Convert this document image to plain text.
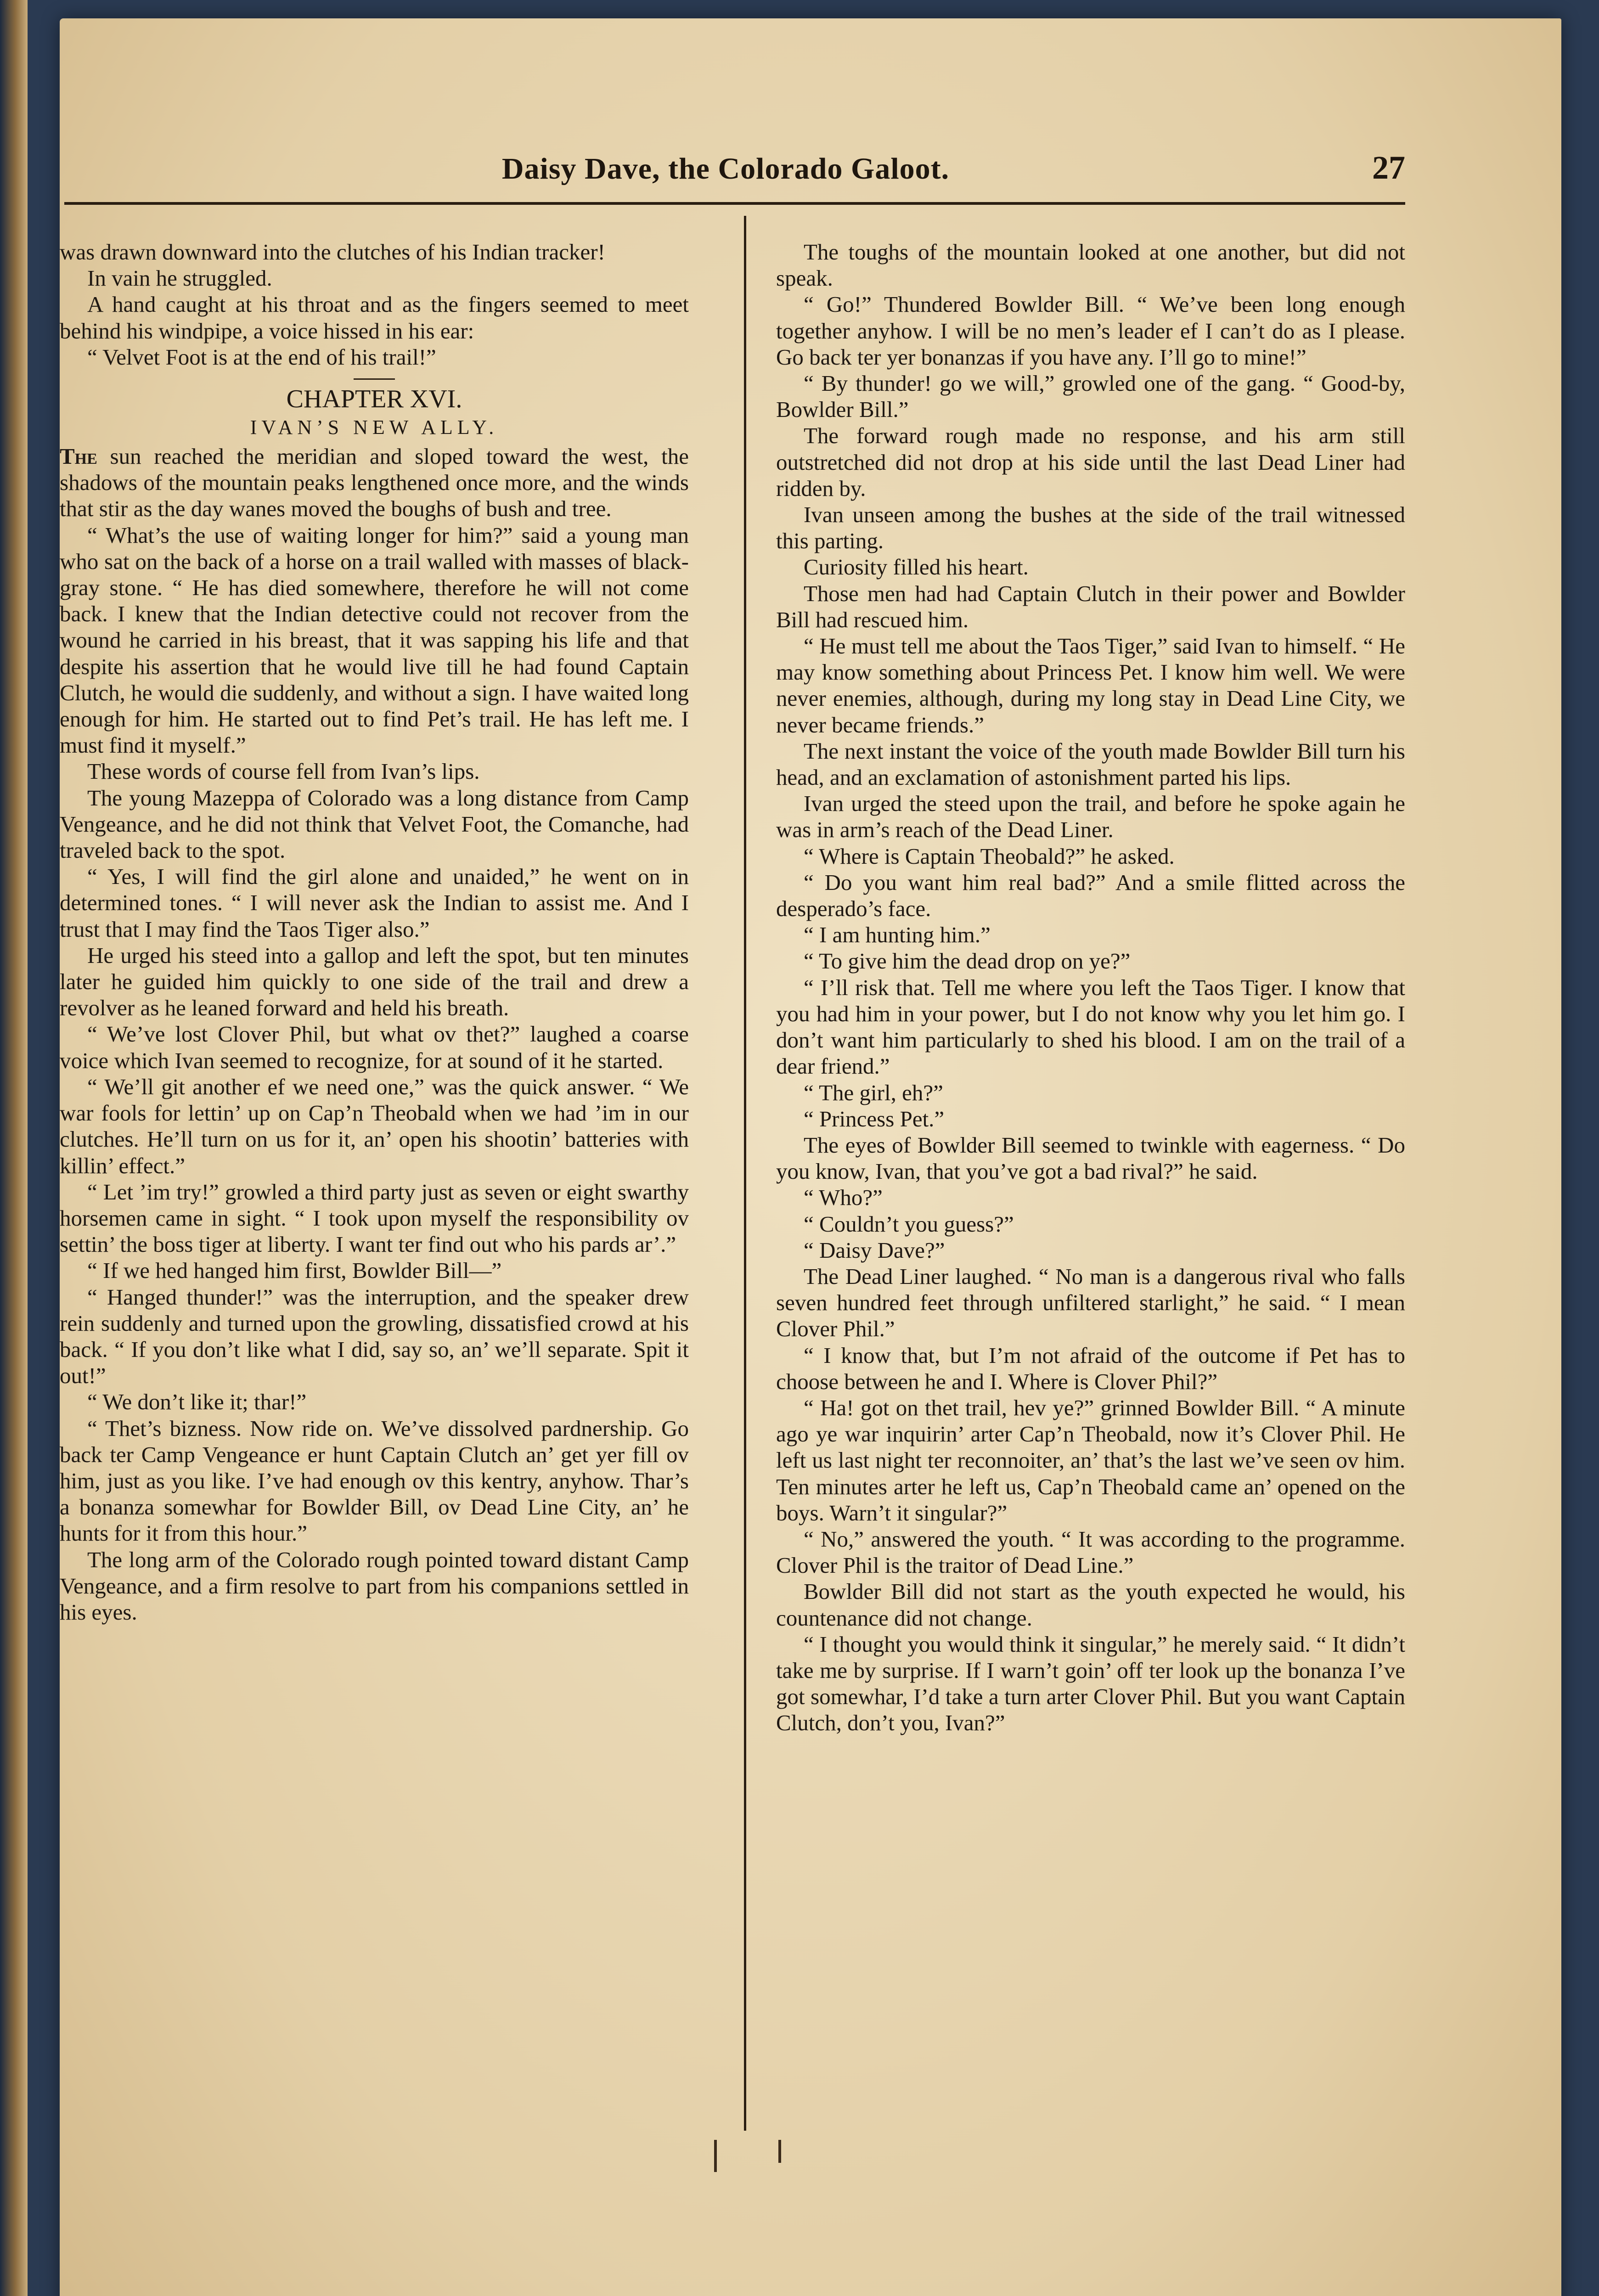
Daisy Dave, the Colorado Galoot.	27

was drawn downward into the clutches of his Indian tracker!

In vain he struggled.

A hand caught at his throat and as the fingers seemed to meet behind his windpipe, a voice hissed in his ear:

“ Velvet Foot is at the end of his trail!”

CHAPTER XVI.
IVAN’S NEW ALLY.

The sun reached the meridian and sloped toward the west, the shadows of the mountain peaks lengthened once more, and the winds that stir as the day wanes moved the boughs of bush and tree.

“ What’s the use of waiting longer for him?” said a young man who sat on the back of a horse on a trail walled with masses of black-gray stone. “ He has died somewhere, therefore he will not come back. I knew that the Indian detective could not recover from the wound he carried in his breast, that it was sapping his life and that despite his assertion that he would live till he had found Captain Clutch, he would die suddenly, and without a sign. I have waited long enough for him. He started out to find Pet’s trail. He has left me. I must find it myself.”

These words of course fell from Ivan’s lips.

The young Mazeppa of Colorado was a long distance from Camp Vengeance, and he did not think that Velvet Foot, the Comanche, had traveled back to the spot.

“ Yes, I will find the girl alone and unaided,” he went on in determined tones. “ I will never ask the Indian to assist me. And I trust that I may find the Taos Tiger also.”

He urged his steed into a gallop and left the spot, but ten minutes later he guided him quickly to one side of the trail and drew a revolver as he leaned forward and held his breath.

“ We’ve lost Clover Phil, but what ov thet?” laughed a coarse voice which Ivan seemed to recognize, for at sound of it he started.

“ We’ll git another ef we need one,” was the quick answer. “ We war fools for lettin’ up on Cap’n Theobald when we had ’im in our clutches. He’ll turn on us for it, an’ open his shootin’ batteries with killin’ effect.”

“ Let ’im try!” growled a third party just as seven or eight swarthy horsemen came in sight. “ I took upon myself the responsibility ov settin’ the boss tiger at liberty. I want ter find out who his pards ar’.”

“ If we hed hanged him first, Bowlder Bill—”

“ Hanged thunder!” was the interruption, and the speaker drew rein suddenly and turned upon the growling, dissatisfied crowd at his back. “ If you don’t like what I did, say so, an’ we’ll separate. Spit it out!”

“ We don’t like it; thar!”

“ Thet’s bizness. Now ride on. We’ve dissolved pardnership. Go back ter Camp Vengeance er hunt Captain Clutch an’ get yer fill ov him, just as you like. I’ve had enough ov this kentry, anyhow. Thar’s a bonanza somewhar for Bowlder Bill, ov Dead Line City, an’ he hunts for it from this hour.”

The long arm of the Colorado rough pointed toward distant Camp Vengeance, and a firm resolve to part from his companions settled in his eyes.

The toughs of the mountain looked at one another, but did not speak.

“ Go!” Thundered Bowlder Bill. “ We’ve been long enough together anyhow. I will be no men’s leader ef I can’t do as I please. Go back ter yer bonanzas if you have any. I’ll go to mine!”

“ By thunder! go we will,” growled one of the gang. “ Good-by, Bowlder Bill.”

The forward rough made no response, and his arm still outstretched did not drop at his side until the last Dead Liner had ridden by.

Ivan unseen among the bushes at the side of the trail witnessed this parting.

Curiosity filled his heart.

Those men had had Captain Clutch in their power and Bowlder Bill had rescued him.

“ He must tell me about the Taos Tiger,” said Ivan to himself. “ He may know something about Princess Pet. I know him well. We were never enemies, although, during my long stay in Dead Line City, we never became friends.”

The next instant the voice of the youth made Bowlder Bill turn his head, and an exclamation of astonishment parted his lips.

Ivan urged the steed upon the trail, and before he spoke again he was in arm’s reach of the Dead Liner.

“ Where is Captain Theobald?” he asked.

“ Do you want him real bad?” And a smile flitted across the desperado’s face.

“ I am hunting him.”

“ To give him the dead drop on ye?”

“ I’ll risk that. Tell me where you left the Taos Tiger. I know that you had him in your power, but I do not know why you let him go. I don’t want him particularly to shed his blood. I am on the trail of a dear friend.”

“ The girl, eh?”

“ Princess Pet.”

The eyes of Bowlder Bill seemed to twinkle with eagerness. “ Do you know, Ivan, that you’ve got a bad rival?” he said.

“ Who?”

“ Couldn’t you guess?”

“ Daisy Dave?”

The Dead Liner laughed. “ No man is a dangerous rival who falls seven hundred feet through unfiltered starlight,” he said. “ I mean Clover Phil.”

“ I know that, but I’m not afraid of the outcome if Pet has to choose between he and I. Where is Clover Phil?”

“ Ha! got on thet trail, hev ye?” grinned Bowlder Bill. “ A minute ago ye war inquirin’ arter Cap’n Theobald, now it’s Clover Phil. He left us last night ter reconnoiter, an’ that’s the last we’ve seen ov him. Ten minutes arter he left us, Cap’n Theobald came an’ opened on the boys. Warn’t it singular?”

“ No,” answered the youth. “ It was according to the programme. Clover Phil is the traitor of Dead Line.”

Bowlder Bill did not start as the youth expected he would, his countenance did not change.

“ I thought you would think it singular,” he merely said. “ It didn’t take me by surprise. If I warn’t goin’ off ter look up the bonanza I’ve got somewhar, I’d take a turn arter Clover Phil. But you want Captain Clutch, don’t you, Ivan?”
